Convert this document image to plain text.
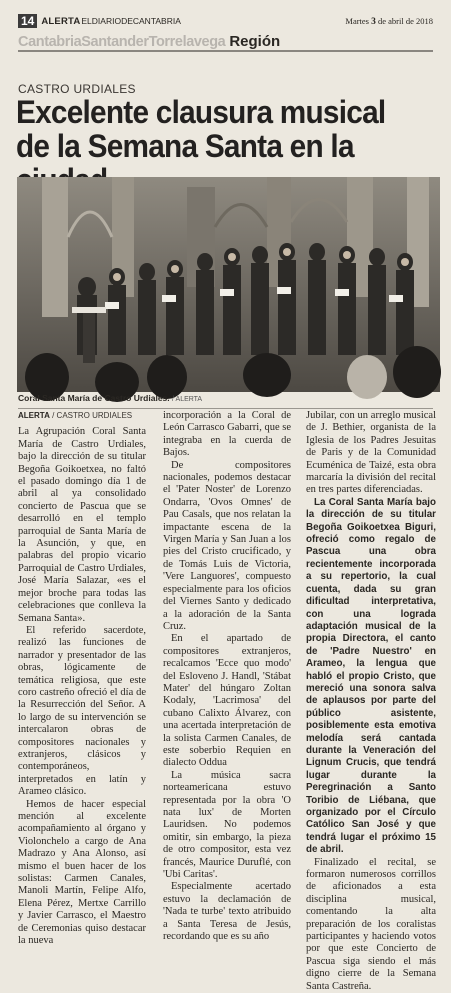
14 ALERTA ELDIARIODECANTABRIA	Martes 3 de abril de 2018
CantabriaSantanderTorrelavega Región
CASTRO URDIALES
Excelente clausura musical de la Semana Santa en la
Coral Santa María de Castro Urdiales. / ALERTA
ALERTA / CASTRO URDIALES

La Agrupación Coral Santa María de Castro Urdiales, bajo la dirección de su titular Begoña Goikoetxea, no faltó el pasado domingo día 1 de abril al ya consolidado concierto de Pascua que se desarrolló en el templo parroquial de Santa María de la Asunción, y que, en palabras del propio vicario Parroquial de Castro Urdiales, José María Salazar, «es el mejor broche para todas las celebraciones que conlleva la Semana Santa».

El referido sacerdote, realizó las funciones de narrador y presentador de las obras, lógicamente de temática religiosa, que este coro castreño ofreció el día de la Resurrección del Señor. A lo largo de su intervención se intercalaron obras de compositores nacionales y extranjeros, clásicos y contemporáneos, interpretados en latín y Arameo clásico.

Hemos de hacer especial mención al excelente acompañamiento al órgano y Violonchelo a cargo de Ana Madrazo y Ana Alonso, así mismo el buen hacer de los solistas: Carmen Canales, Manoli Martín, Felipe Alfo, Elena Pérez, Mertxe Carrillo y Javier Carrasco, el Maestro de Ceremonias quiso destacar la nueva

incorporación a la Coral de León Carrasco Gabarri, que se integraba en la cuerda de Bajos.

De compositores nacionales, podemos destacar el 'Pater Noster' de Lorenzo Ondarra, 'Ovos Omnes' de Pau Casals, que nos relatan la impactante escena de la Virgen María y San Juan a los pies del Cristo crucificado, y de Tomás Luis de Victoria, 'Vere Languores', compuesto especialmente para los oficios del Viernes Santo y dedicado a la adoración de la Santa Cruz.

En el apartado de compositores extranjeros, recalcamos 'Ecce quo modo' del Esloveno J. Handl, 'Stábat Mater' del húngaro Zoltan Kodaly, 'Lacrimosa' del cubano Calixto Álvarez, con una acertada interpretación de la solista Carmen Canales, de este soberbio Requien en dialecto Oddua

La música sacra norteamericana estuvo representada por la obra 'O nata lux' de Morten Lauridsen. No podemos omitir, sin embargo, la pieza de otro compositor, esta vez francés, Maurice Duruflé, con 'Ubi Caritas'.

Especialmente acertado estuvo la declamación de 'Nada te turbe' texto atribuido a Santa Teresa de Jesús, recordando que es su año

Jubilar, con un arreglo musical de J. Bethier, organista de la Iglesia de los Padres Jesuitas de Paris y de la Comunidad Ecuménica de Taizé, esta obra marcaría la división del recital en tres partes diferenciadas.

La Coral Santa María bajo la dirección de su titular Begoña Goikoetxea Biguri, ofreció como regalo de Pascua una obra recientemente incorporada a su repertorio, la cual cuenta, dada su gran dificultad interpretativa, con una lograda adaptación musical de la propia Directora, el canto de 'Padre Nuestro' en Arameo, la lengua que habló el propio Cristo, que mereció una sonora salva de aplausos por parte del público asistente, posiblemente esta emotiva melodía será cantada durante la Veneración del Lignum Crucis, que tendrá lugar durante la Peregrinación a Santo Toribio de Liébana, que organizado por el Círculo Católico San José y que tendrá lugar el próximo 15 de abril.

Finalizado el recital, se formaron numerosos corrillos de aficionados a esta disciplina musical, comentando la alta preparación de los coralistas participantes y haciendo votos por que este Concierto de Pascua siga siendo el más digno cierre de la Semana Santa Castreña.
